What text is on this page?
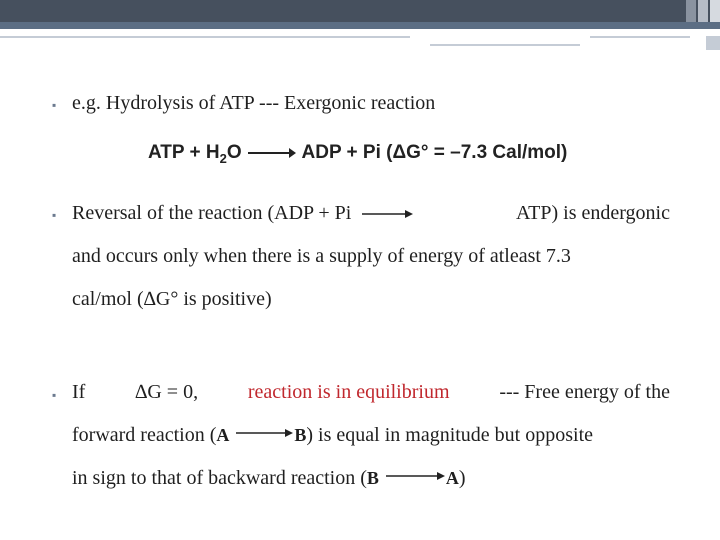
▪ e.g. Hydrolysis of ATP --- Exergonic reaction
ATP + $H_2O$ → ADP + Pi (ΔG° = –7.3 Cal/mol)
▪ Reversal of the reaction (ADP + Pi →	ATP) is endergonic
and occurs only when there is a supply of energy of atleast 7.3
cal/mol (∆G° is positive)
▪ If ∆G = 0, reaction is in equilibrium --- Free energy of the
forward reaction (A →B) is equal in magnitude but opposite
in sign to that of backward reaction (B →A)
